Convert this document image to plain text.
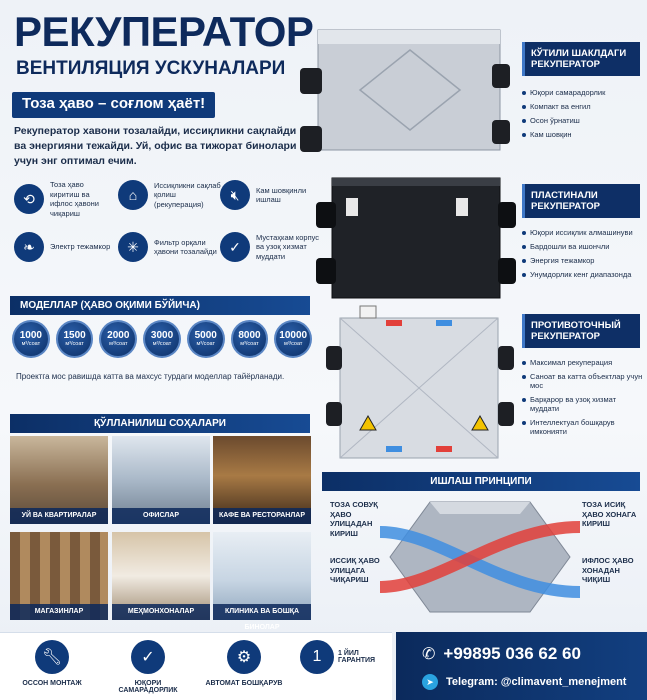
РЕКУПЕРАТОР
ВЕНТИЛЯЦИЯ УСКУНАЛАРИ
Тоза ҳаво – соғлом ҳаёт!
Рекуператор хавони тозалайди, иссиқликни сақлайди ва энергияни тежайди. Уй, офис ва тижорат бинолари учун энг оптимал ечим.
⟲
Тоза ҳаво киритиш ва ифлос ҳавони чиқариш
⌂
Иссиқликни сақлаб қолиш (рекуперация)
🔇︎	Кам шовқинли ишлаш
❧	Электр тежамкор	✳	Фильтр орқали ҳавони тозалайди ✓
Мустаҳкам корпус ва узоқ хизмат муддати
МОДЕЛЛАР (ҲАВО ОҚИМИ БЎЙИЧА)
1000
м³/соат
1500
м³/соат
2000
м³/соат
3000
м³/соат
5000
м³/соат
8000
м³/соат
10000
м³/соат
Проектга мос равишда катта ва махсус турдаги моделлар тайёрланади.
ҚЎЛЛАНИЛИШ СОҲАЛАРИ
УЙ ВА КВАРТИРАЛАР	ОФИСЛАР	КАФЕ ВА РЕСТОРАНЛАР
МАГАЗИНЛАР	МЕҲМОНХОНАЛАР	КЛИНИКА ВА БОШҚА БИНОЛАР
КЎТИЛИ ШАКЛДАГИ РЕКУПЕРАТОР
Юқори самарадорлик
Компакт ва енгил
Осон ўрнатиш
Кам шовқин
ПЛАСТИНАЛИ РЕКУПЕРАТОР
Юқори иссиқлик алмашинуви
Бардошли ва ишончли
Энергия тежамкор
Унумдорлик кенг диапазонда
ПРОТИВОТОЧНЫЙ РЕКУПЕРАТОР
Максимал рекуперация
Саноат ва катта объектлар учун мос
Барқарор ва узоқ хизмат муддати
Интеллектуал бошқарув имконияти
ИШЛАШ ПРИНЦИПИ
ТОЗА СОВУҚ ҲАВО УЛИЦАДАН КИРИШ
ИССИҚ ҲАВО УЛИЦАГА ЧИҚАРИШ
ТОЗА ИСИҚ ҲАВО ХОНАГА КИРИШ
ИФЛОС ҲАВО ХОНАДАН ЧИҚИШ
🔧︎
ОССОН МОНТАЖ
✓
ЮҚОРИ САМАРАДОРЛИК
⚙
АВТОМАТ БОШҚАРУВ
1 1 ЙИЛ ГАРАНТИЯ	✆ +99895 036 62 60
➤	Telegram: @climavent_menejment
